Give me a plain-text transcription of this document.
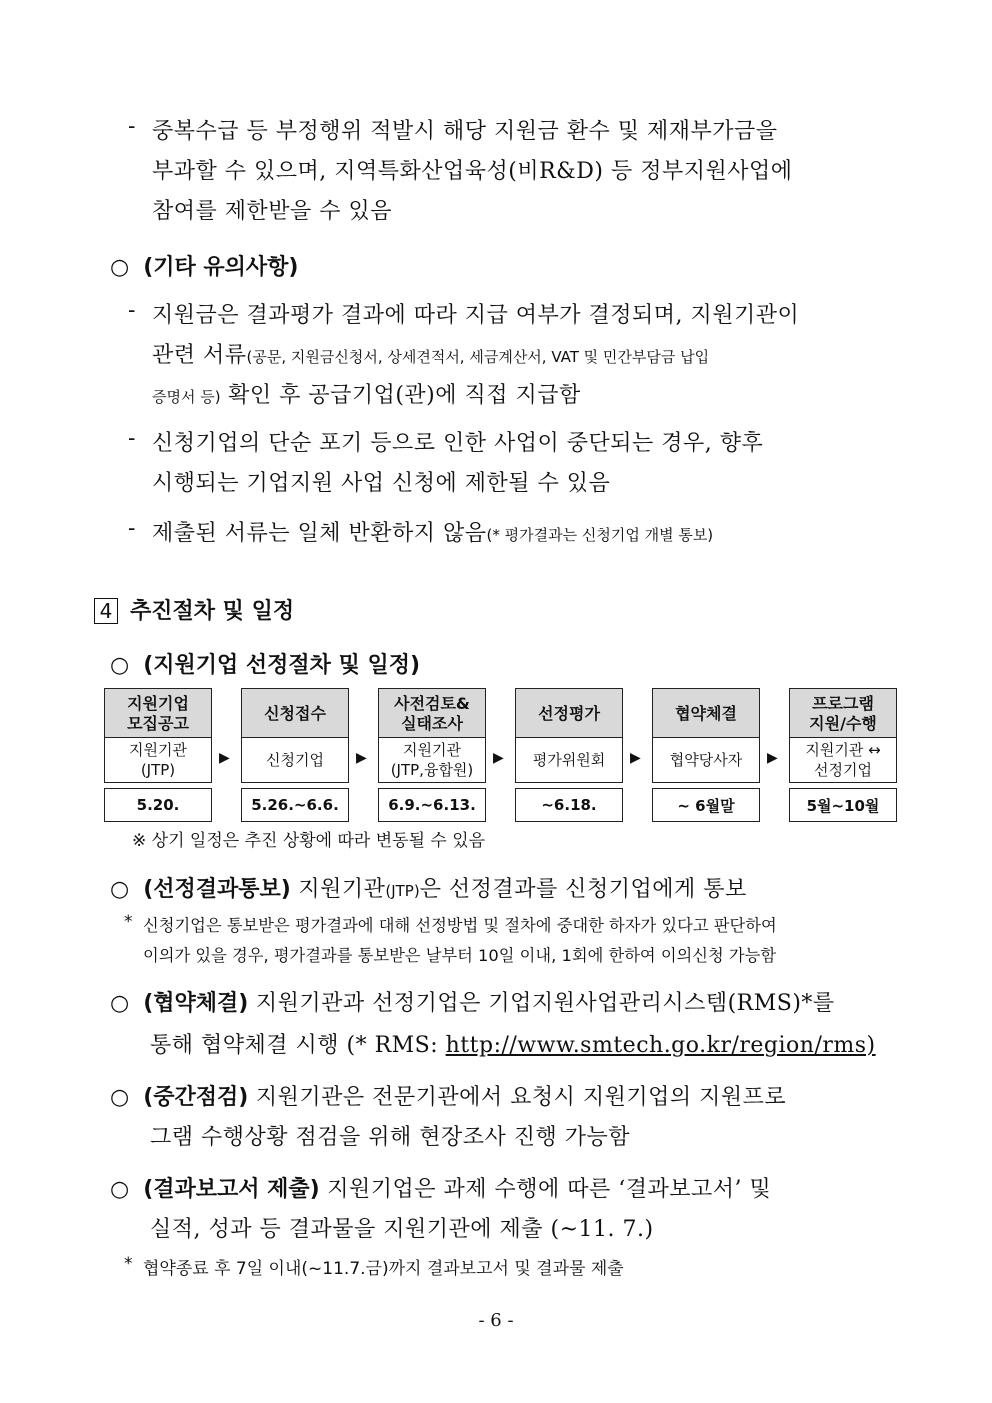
- 중복수급 등 부정행위 적발시 해당 지원금 환수 및 제재부가금을
부과할 수 있으며, 지역특화산업육성(비R&D) 등 정부지원사업에
참여를 제한받을 수 있음
○ (기타 유의사항)
- 지원금은 결과평가 결과에 따라 지급 여부가 결정되며, 지원기관이
관련 서류(공문, 지원금신청서, 상세견적서, 세금계산서, VAT 및 민간부담금 납입
증명서 등) 확인 후 공급기업(관)에 직접 지급함
- 신청기업의 단순 포기 등으로 인한 사업이 중단되는 경우, 향후
시행되는 기업지원 사업 신청에 제한될 수 있음
- 제출된 서류는 일체 반환하지 않음(* 평가결과는 신청기업 개별 통보)
4 추진절차 및 일정
○ (지원기업 선정절차 및 일정)
지원기업
모집공고
지원기관
(JTP)
5.20.
▶
신청접수
신청기업
5.26.~6.6.
▶
사전검토&
실태조사
지원기관
(JTP,융합원)
6.9.~6.13.
▶
선정평가
평가위원회
~6.18.
▶
협약체결
협약당사자
~ 6월말
▶
프로그램
지원/수행
지원기관 ↔
선정기업
5월~10월
※ 상기 일정은 추진 상황에 따라 변동될 수 있음
○ (선정결과통보) 지원기관(JTP)은 선정결과를 신청기업에게 통보
* 신청기업은 통보받은 평가결과에 대해 선정방법 및 절차에 중대한 하자가 있다고 판단하여
이의가 있을 경우, 평가결과를 통보받은 날부터 10일 이내, 1회에 한하여 이의신청 가능함
○ (협약체결) 지원기관과 선정기업은 기업지원사업관리시스템(RMS)*를
통해 협약체결 시행 (* RMS: http://www.smtech.go.kr/region/rms)
○ (중간점검) 지원기관은 전문기관에서 요청시 지원기업의 지원프로
그램 수행상황 점검을 위해 현장조사 진행 가능함
○ (결과보고서 제출) 지원기업은 과제 수행에 따른 ‘결과보고서’ 및
실적, 성과 등 결과물을 지원기관에 제출 (~11. 7.)
* 협약종료 후 7일 이내(~11.7.금)까지 결과보고서 및 결과물 제출
- 6 -
